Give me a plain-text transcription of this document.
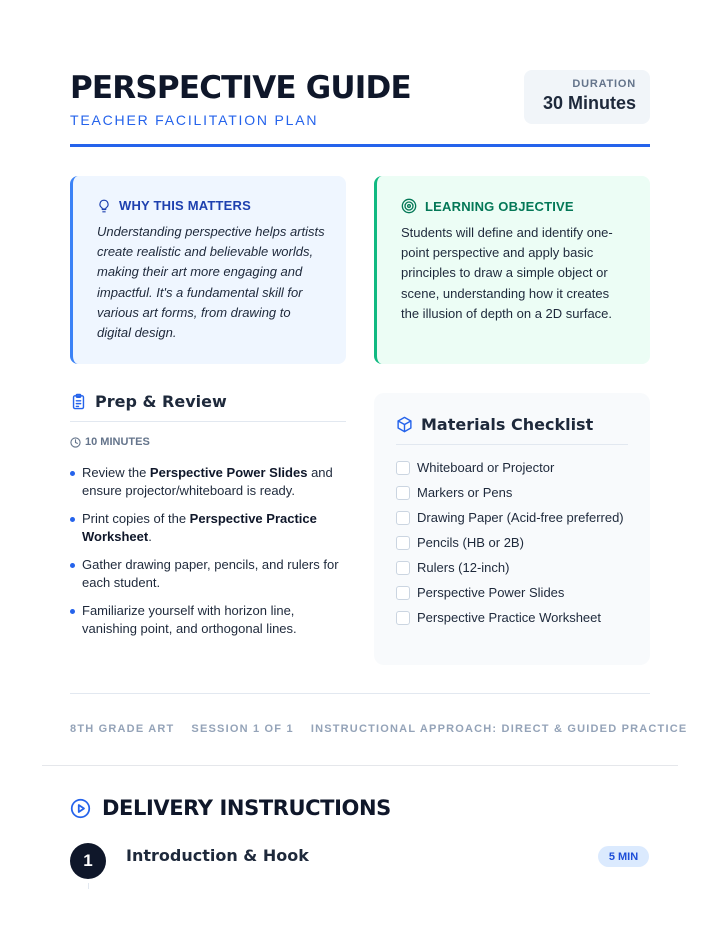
PERSPECTIVE GUIDE
TEACHER FACILITATION PLAN
DURATION
30 Minutes
WHY THIS MATTERS

Understanding perspective helps artists create realistic and believable worlds, making their art more engaging and impactful. It's a fundamental skill for various art forms, from drawing to digital design.

LEARNING OBJECTIVE

Students will define and identify one-point perspective and apply basic principles to draw a simple object or scene, understanding how it creates the illusion of depth on a 2D surface.

Prep & Review
10 MINUTES
Review the Perspective Power Slides and ensure projector/whiteboard is ready.
Print copies of the Perspective Practice Worksheet.
Gather drawing paper, pencils, and rulers for each student.
Familiarize yourself with horizon line, vanishing point, and orthogonal lines.
Materials Checklist
Whiteboard or Projector
Markers or Pens
Drawing Paper (Acid-free preferred)
Pencils (HB or 2B)
Rulers (12-inch)
Perspective Power Slides
Perspective Practice Worksheet
8TH GRADE ART SESSION 1 OF 1 INSTRUCTIONAL APPROACH: DIRECT & GUIDED PRACTICE
DELIVERY INSTRUCTIONS
1	Introduction & Hook	5 MIN
